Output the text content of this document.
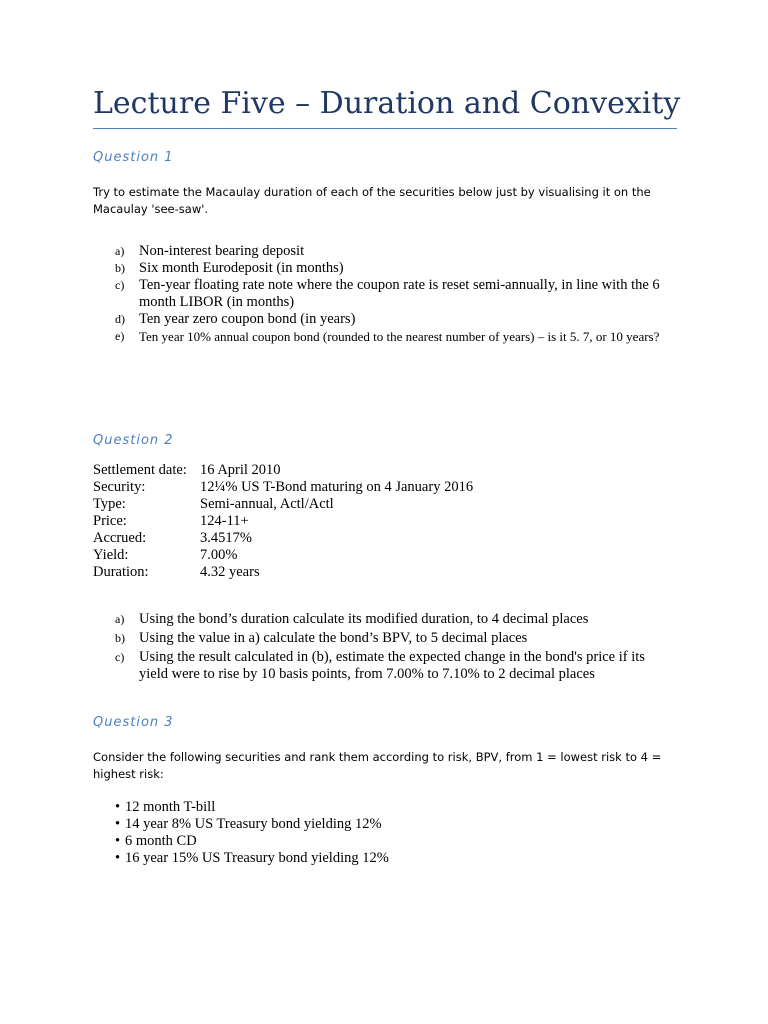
Lecture Five – Duration and Convexity
Question 1
Try to estimate the Macaulay duration of each of the securities below just by visualising it on the Macaulay 'see-saw'.
a) Non-interest bearing deposit
b) Six month Eurodeposit (in months)
c) Ten-year floating rate note where the coupon rate is reset semi-annually, in line with the 6 month LIBOR (in months)
d) Ten year zero coupon bond (in years)
e) Ten year 10% annual coupon bond (rounded to the nearest number of years) – is it 5. 7, or 10 years?
Question 2
Settlement date:	16 April 2010
Security:	12¼% US T-Bond maturing on 4 January 2016
Type:	Semi-annual, Actl/Actl
Price:	124-11+
Accrued:	3.4517%
Yield:	7.00%
Duration:	4.32 years
a) Using the bond’s duration calculate its modified duration, to 4 decimal places
b) Using the value in a) calculate the bond’s BPV, to 5 decimal places
c) Using the result calculated in (b), estimate the expected change in the bond's price if its yield were to rise by 10 basis points, from 7.00% to 7.10% to 2 decimal places
Question 3
Consider the following securities and rank them according to risk, BPV, from 1 = lowest risk to 4 = highest risk:
• 12 month T-bill
• 14 year 8% US Treasury bond yielding 12%
• 6 month CD
• 16 year 15% US Treasury bond yielding 12%
